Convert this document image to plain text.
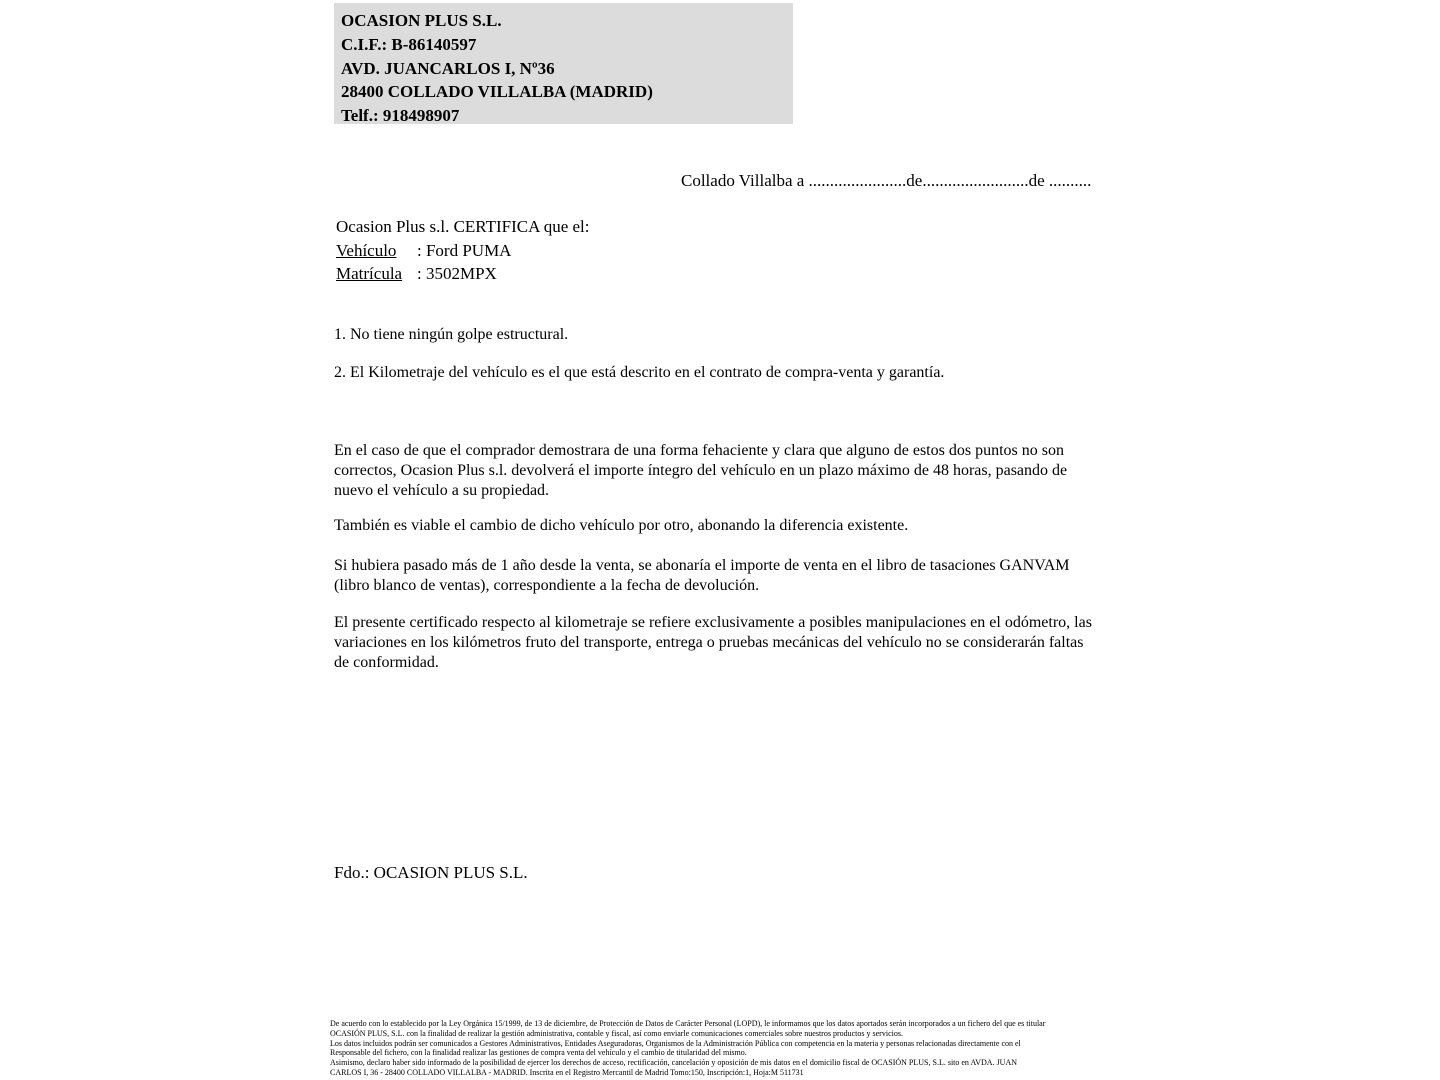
OCASION PLUS S.L.
C.I.F.: B-86140597
AVD. JUANCARLOS I, Nº36
28400 COLLADO VILLALBA (MADRID)
Telf.: 918498907
Collado Villalba a .......................de.........................de ..........
Ocasion Plus s.l. CERTIFICA que el:
Vehículo : Ford PUMA
Matrícula : 3502MPX
1. No tiene ningún golpe estructural.
2. El Kilometraje del vehículo es el que está descrito en el contrato de compra-venta y garantía.

En el caso de que el comprador demostrara de una forma fehaciente y clara que alguno de estos dos puntos no son correctos, Ocasion Plus s.l. devolverá el importe íntegro del vehículo en un plazo máximo de 48 horas, pasando de nuevo el vehículo a su propiedad.

También es viable el cambio de dicho vehículo por otro, abonando la diferencia existente.

Si hubiera pasado más de 1 año desde la venta, se abonaría el importe de venta en el libro de tasaciones GANVAM (libro blanco de ventas), correspondiente a la fecha de devolución.

El presente certificado respecto al kilometraje se refiere exclusivamente a posibles manipulaciones en el odómetro, las variaciones en los kilómetros fruto del transporte, entrega o pruebas mecánicas del vehículo no se considerarán faltas de conformidad.

Fdo.: OCASION PLUS S.L.
De acuerdo con lo establecido por la Ley Orgánica 15/1999, de 13 de diciembre, de Protección de Datos de Carácter Personal (LOPD), le informamos que los datos aportados serán incorporados a un fichero del que es titular
OCASIÓN PLUS, S.L. con la finalidad de realizar la gestión administrativa, contable y fiscal, así como enviarle comunicaciones comerciales sobre nuestros productos y servicios.
Los datos incluidos podrán ser comunicados a Gestores Administrativos, Entidades Aseguradoras, Organismos de la Administración Pública con competencia en la materia y personas relacionadas directamente con el
Responsable del fichero, con la finalidad realizar las gestiones de compra venta del vehículo y el cambio de titularidad del mismo.
Asimismo, declaro haber sido informado de la posibilidad de ejercer los derechos de acceso, rectificación, cancelación y oposición de mis datos en el domicilio fiscal de OCASIÓN PLUS, S.L. sito en AVDA. JUAN
CARLOS I, 36 - 28400 COLLADO VILLALBA - MADRID. Inscrita en el Registro Mercantil de Madrid Tomo:150, Inscripción:1, Hoja:M 511731
